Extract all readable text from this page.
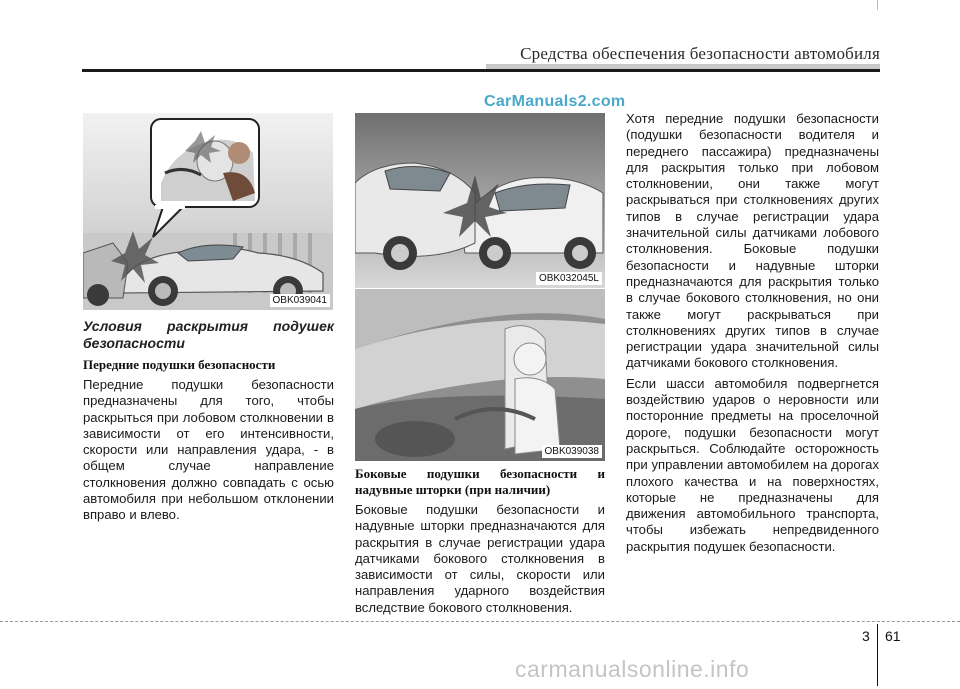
Средства обеспечения безопасности автомобиля
CarManuals2.com
OBK039041
OBK032045L
OBK039038
Условия раскрытия подушек безопасности
Передние подушки безопасности
Передние подушки безопасности предназначены для того, чтобы раскрыться при лобовом столкновении в зависимости от его интенсивности, скорости или направления удара, - в общем случае направление столкновения должно совпадать с осью автомобиля при небольшом отклонении вправо и влево.
Боковые подушки безопасности и надувные шторки (при наличии)
Боковые подушки безопасности и надувные шторки предназначаются для раскрытия в случае регистрации удара датчиками бокового столкновения в зависимости от силы, скорости или направления ударного воздействия вследствие бокового столкновения.
Хотя передние подушки безопасности (подушки безопасности водителя и переднего пассажира) предназначены для раскрытия только при лобовом столкновении, они также могут раскрываться при столкновениях других типов в случае регистрации удара значительной силы датчиками лобового столкновения. Боковые подушки безопасности и надувные шторки предназначаются для раскрытия только в случае бокового столкновения, но они также могут раскрываться при столкновениях других типов в случае регистрации удара значительной силы датчиками бокового столкновения.
Если шасси автомобиля подвергнется воздействию ударов о неровности или посторонние предметы на проселочной дороге, подушки безопасности могут раскрыться. Соблюдайте осторожность при управлении автомобилем на дорогах плохого качества и на поверхностях, которые не предназначены для движения автомобильного транспорта, чтобы избежать непредвиденного раскрытия подушек безопасности.
3 61
carmanualsonline.info
